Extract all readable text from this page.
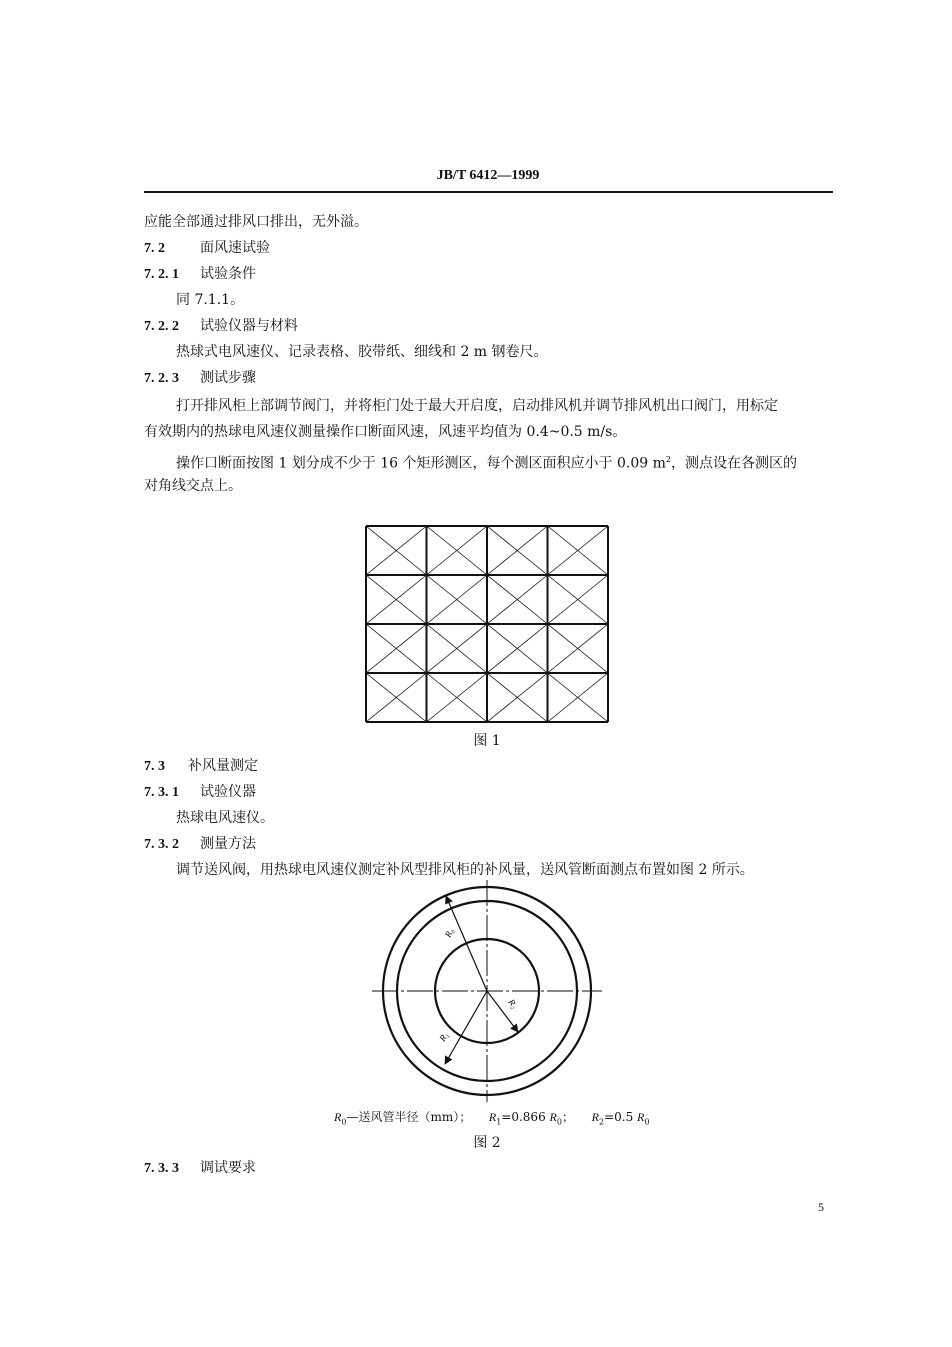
JB/T 6412—1999
应能全部通过排风口排出，无外溢。
7. 2	面风速试验
7. 2. 1 试验条件
同 7.1.1。
7. 2. 2 试验仪器与材料
热球式电风速仪、记录表格、胶带纸、细线和 2 m 钢卷尺。
7. 2. 3 测试步骤
打开排风柜上部调节阀门，并将柜门处于最大开启度，启动排风机并调节排风机出口阀门，用标定
有效期内的热球电风速仪测量操作口断面风速，风速平均值为 0.4~0.5 m/s。
操作口断面按图 1 划分成不少于 16 个矩形测区，每个测区面积应小于 0.09 $m^2$，测点设在各测区的
对角线交点上。
图 1
7. 3 补风量测定
7. 3. 1 试验仪器
热球电风速仪。
7. 3. 2 测量方法
调节送风阀，用热球电风速仪测定补风型排风柜的补风量，送风管断面测点布置如图 2 所示。
R₀
R₁
R₂
$R_0—$送风管半径（mm）； $R_1=0.866$ $R_0$； $R_2=0.5$ $R_0$
图 2
7. 3. 3 调试要求
5
